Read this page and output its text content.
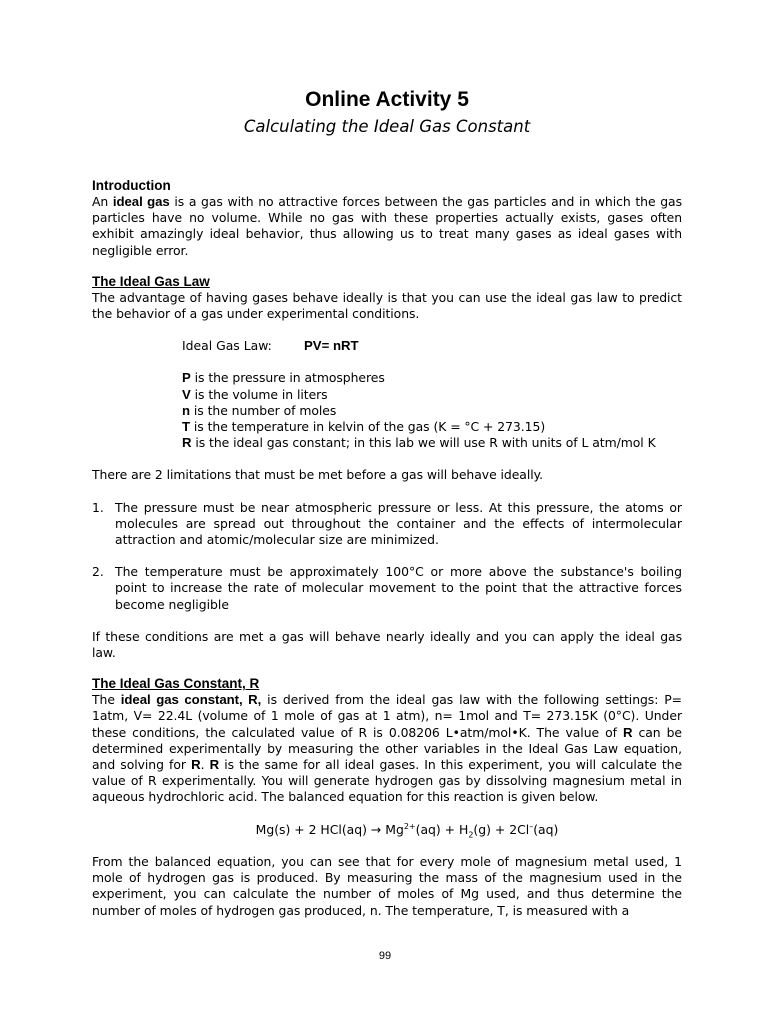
Online Activity 5
Calculating the Ideal Gas Constant
Introduction

An ideal gas is a gas with no attractive forces between the gas particles and in which the gas particles have no volume. While no gas with these properties actually exists, gases often exhibit amazingly ideal behavior, thus allowing us to treat many gases as ideal gases with negligible error.

The Ideal Gas Law

The advantage of having gases behave ideally is that you can use the ideal gas law to predict the behavior of a gas under experimental conditions.

Ideal Gas Law:	PV= nRT
P is the pressure in atmospheres
V is the volume in liters
n is the number of moles
T is the temperature in kelvin of the gas (K = °C + 273.15)
R is the ideal gas constant; in this lab we will use R with units of L atm/mol K

There are 2 limitations that must be met before a gas will behave ideally.

1. The pressure must be near atmospheric pressure or less. At this pressure, the atoms or molecules are spread out throughout the container and the effects of intermolecular attraction and atomic/molecular size are minimized.
2. The temperature must be approximately 100°C or more above the substance's boiling point to increase the rate of molecular movement to the point that the attractive forces become negligible

If these conditions are met a gas will behave nearly ideally and you can apply the ideal gas law.

The Ideal Gas Constant, R

The ideal gas constant, R, is derived from the ideal gas law with the following settings: P= 1atm, V= 22.4L (volume of 1 mole of gas at 1 atm), n= 1mol and T= 273.15K (0°C). Under these conditions, the calculated value of R is 0.08206 L•atm/mol•K. The value of R can be determined experimentally by measuring the other variables in the Ideal Gas Law equation, and solving for R. R is the same for all ideal gases. In this experiment, you will calculate the value of R experimentally. You will generate hydrogen gas by dissolving magnesium metal in aqueous hydrochloric acid. The balanced equation for this reaction is given below.

Mg(s) + 2 $HCl(aq) \to Mg^{2+}(aq) + H_2(g) + 2Cl^-(aq)$

From the balanced equation, you can see that for every mole of magnesium metal used, 1 mole of hydrogen gas is produced. By measuring the mass of the magnesium used in the experiment, you can calculate the number of moles of Mg used, and thus determine the number of moles of hydrogen gas produced, n. The temperature, T, is measured with a

99
